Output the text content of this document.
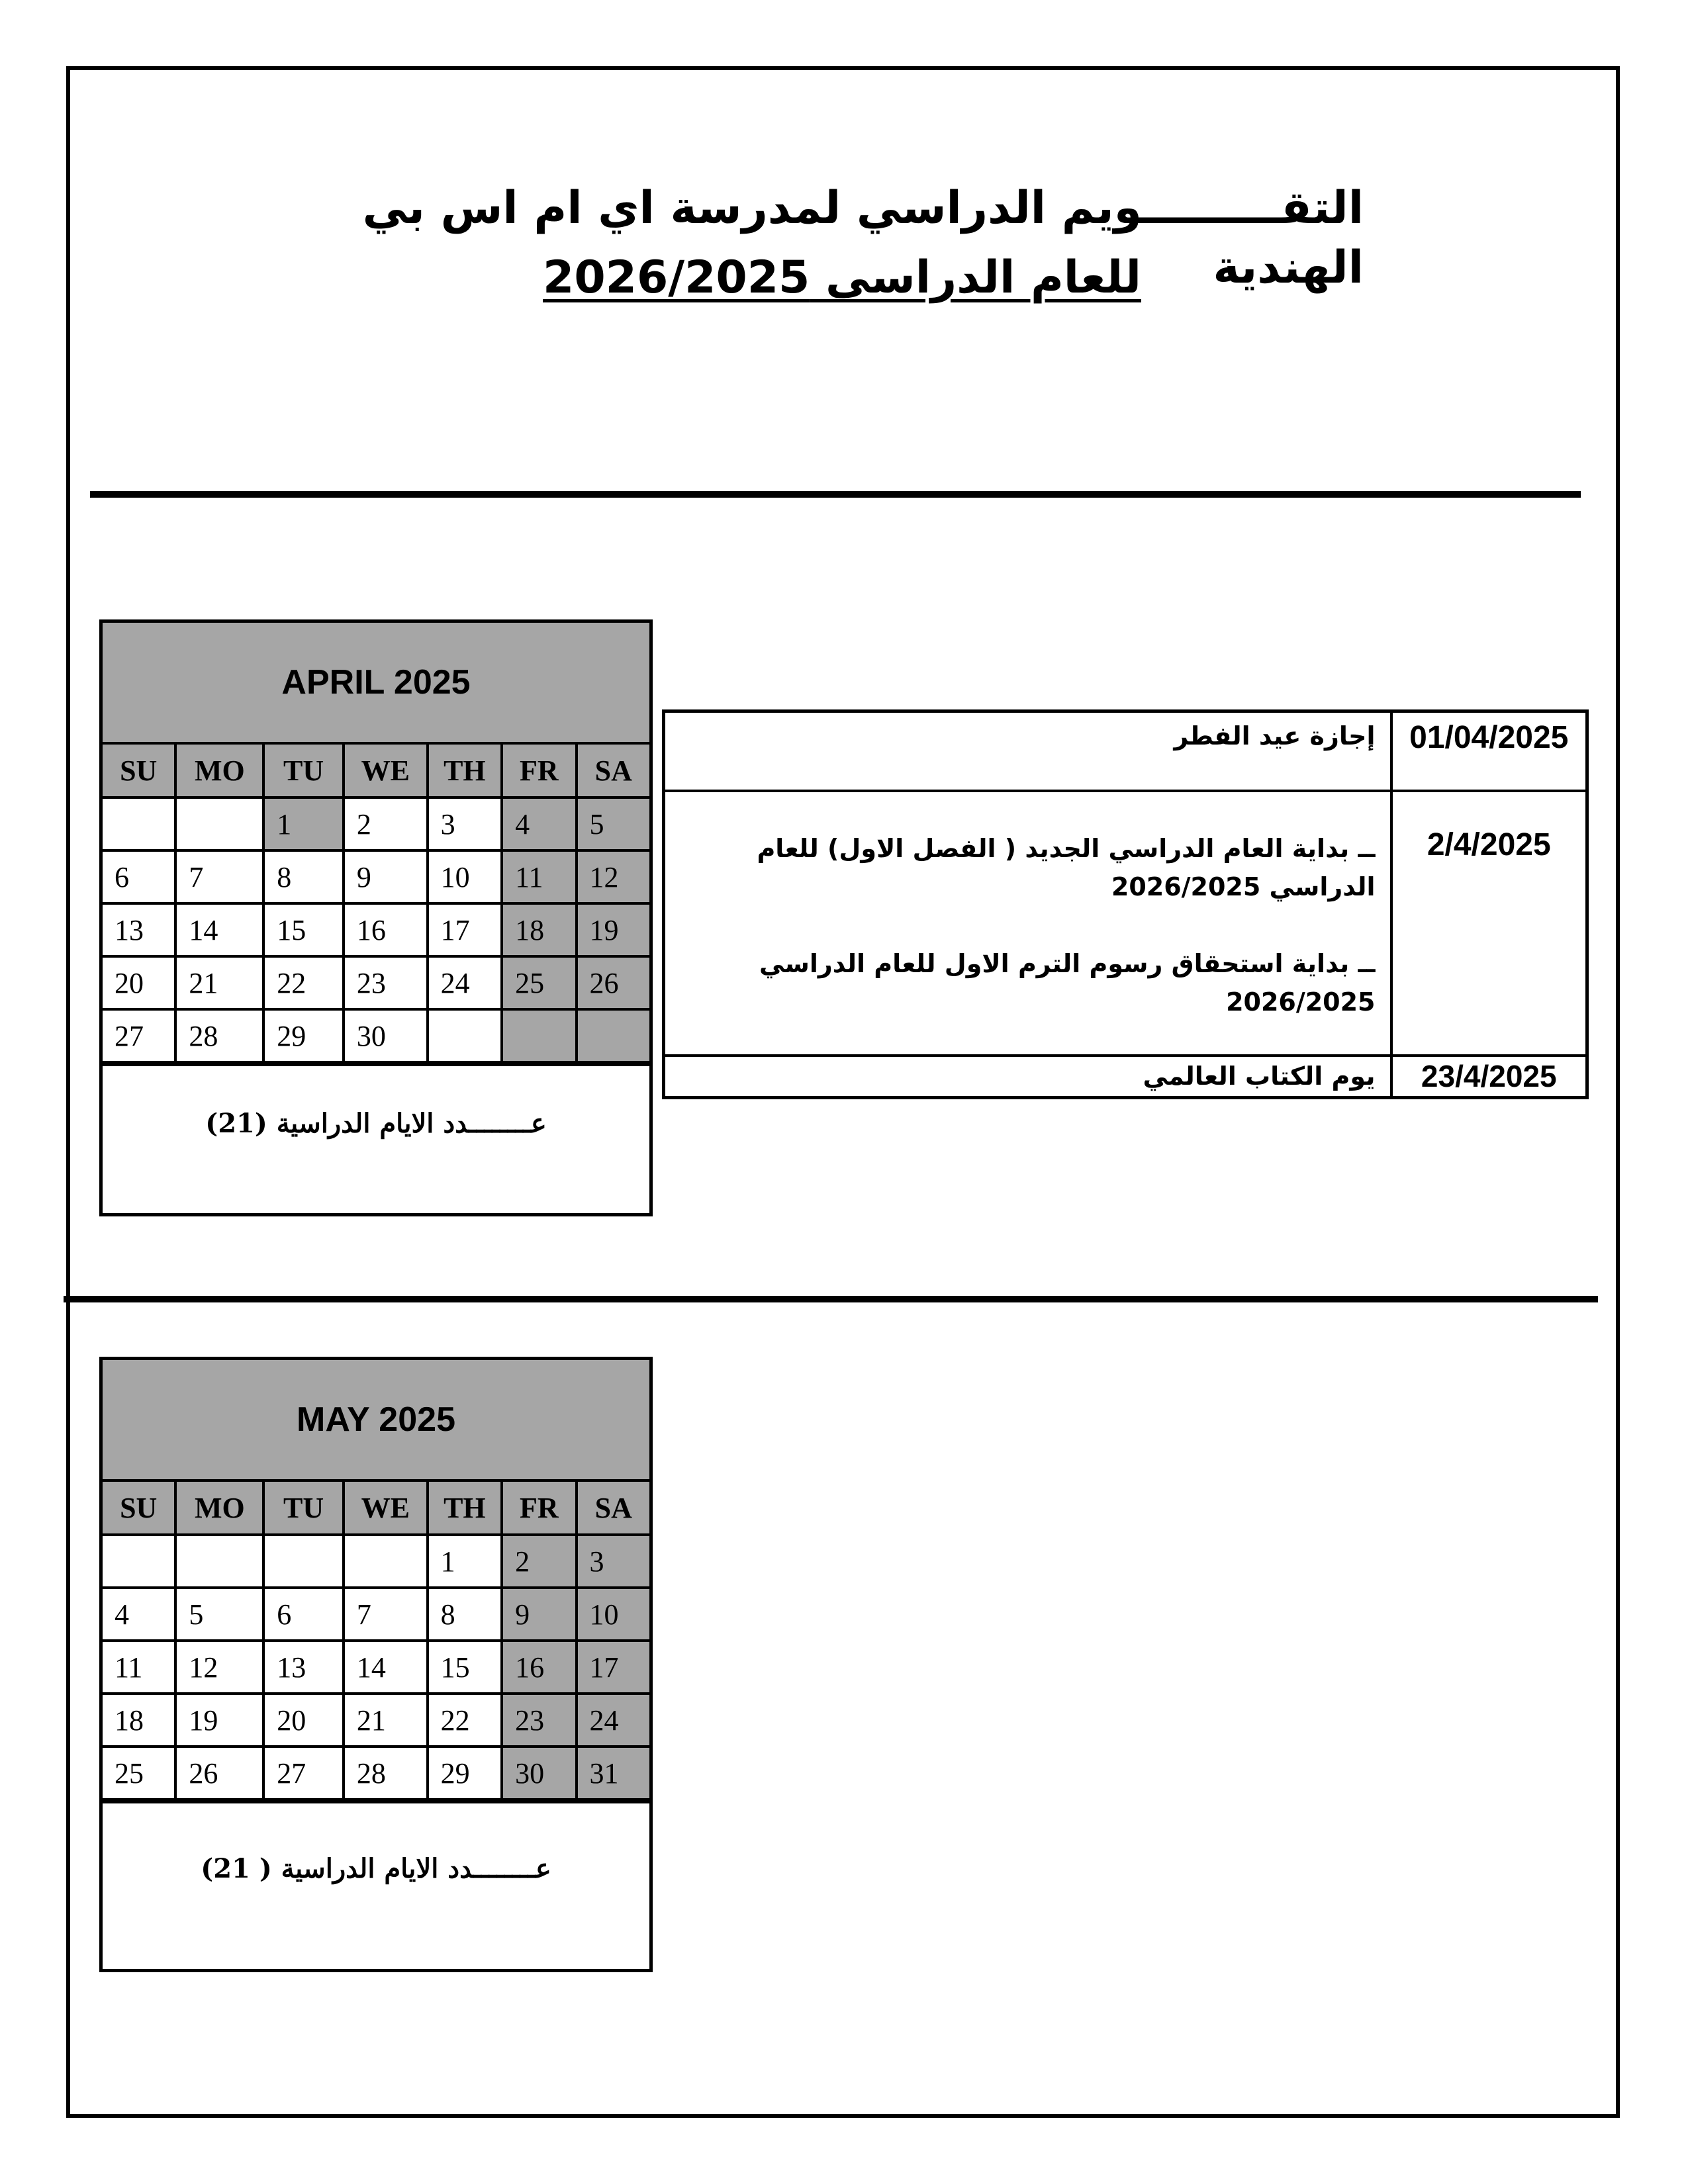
التقـــــــــويم الدراسي لمدرسة اي ام اس بي الهندية
للعام الدراسى 2026/2025
APRIL 2025
SU	MO	TU	WE	TH	FR	SA
		1	2	3	4	5
6	7	8	9	10	11	12
13	14	15	16	17	18	19
20	21	22	23	24	25	26
27	28	29	30			
عــــــــدد الايام الدراسية (21)
MAY 2025
SU	MO	TU	WE	TH	FR	SA
				1	2	3
4	5	6	7	8	9	10
11	12	13	14	15	16	17
18	19	20	21	22	23	24
25	26	27	28	29	30	31
عــــــــدد الايام الدراسية ( 21)
إجازة عيد الفطر	01/04/2025

ــ بداية العام الدراسي الجديد ( الفصل الاول) للعام الدراسي 2026/2025
ــ بداية استحقاق رسوم الترم الاول للعام الدراسي 2026/2025	2/4/2025

يوم الكتاب العالمي	23/4/2025
